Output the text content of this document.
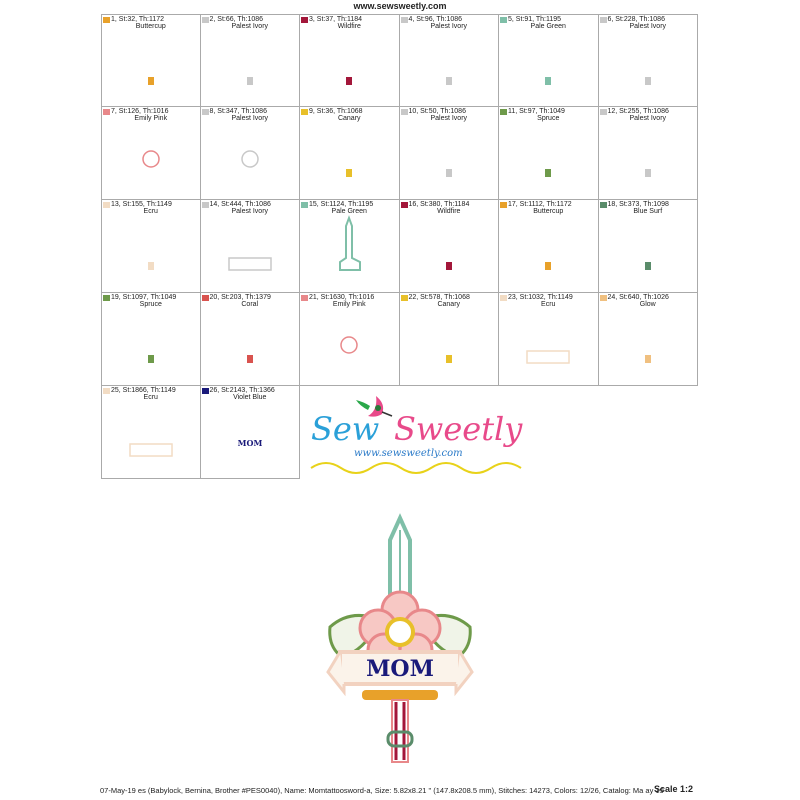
www.sewsweetly.com
1, St:32, Th:1172
Buttercup
2, St:66, Th:1086
Palest Ivory
3, St:37, Th:1184
Wildfire
4, St:96, Th:1086
Palest Ivory
5, St:91, Th:1195
Pale Green
6, St:228, Th:1086
Palest Ivory
7, St:126, Th:1016
Emily Pink
8, St:347, Th:1086
Palest Ivory
9, St:36, Th:1068
Canary
10, St:50, Th:1086
Palest Ivory
11, St:97, Th:1049
Spruce
12, St:255, Th:1086
Palest Ivory
13, St:155, Th:1149
Ecru
14, St:444, Th:1086
Palest Ivory
15, St:1124, Th:1195
Pale Green
16, St:380, Th:1184
Wildfire
17, St:1112, Th:1172
Buttercup
18, St:373, Th:1098
Blue Surf
19, St:1097, Th:1049
Spruce
20, St:203, Th:1379
Coral
21, St:1630, Th:1016
Emily Pink
22, St:578, Th:1068
Canary
23, St:1032, Th:1149
Ecru
24, St:640, Th:1026
Glow
25, St:1866, Th:1149
Ecru
26, St:2143, Th:1366
Violet Blue
MOM Sew Sweetly
www.sewsweetly.com
MOM
07-May-19 es (Babylock, Bernina, Brother #PES0040), Name: Momtattoosword-a, Size: 5.82x8.21 " (147.8x208.5 mm), Stitches: 14273, Colors: 12/26, Catalog: Ma ay 19
Scale 1:2
